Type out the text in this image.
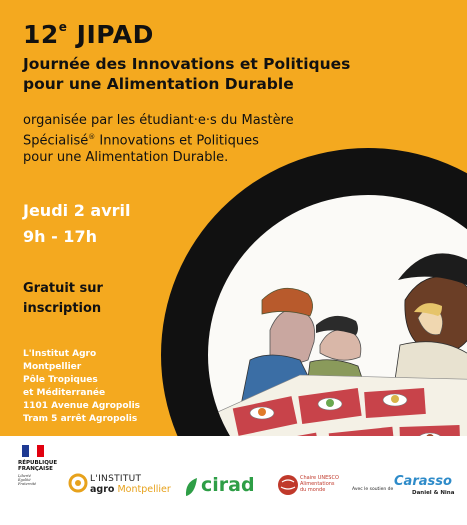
12e JIPAD
Journée des Innovations et Politiques
pour une Alimentation Durable
organisée par les étudiant·e·s du Mastère
Spécialisé® Innovations et Politiques
pour une Alimentation Durable.
Jeudi 2 avril
9h - 17h
Gratuit sur
inscription
L'Institut Agro
Montpellier
Pôle Tropiques
et Méditerranée
1101 Avenue Agropolis
Tram 5 arrêt Agropolis
RÉPUBLIQUE
FRANÇAISE
Liberté
Égalité
Fraternité	L'INSTITUT
agro Montpellier cirad	Chaire UNESCO
Alimentations
du monde	Avec le soutien de
Carasso
Daniel & Nina
